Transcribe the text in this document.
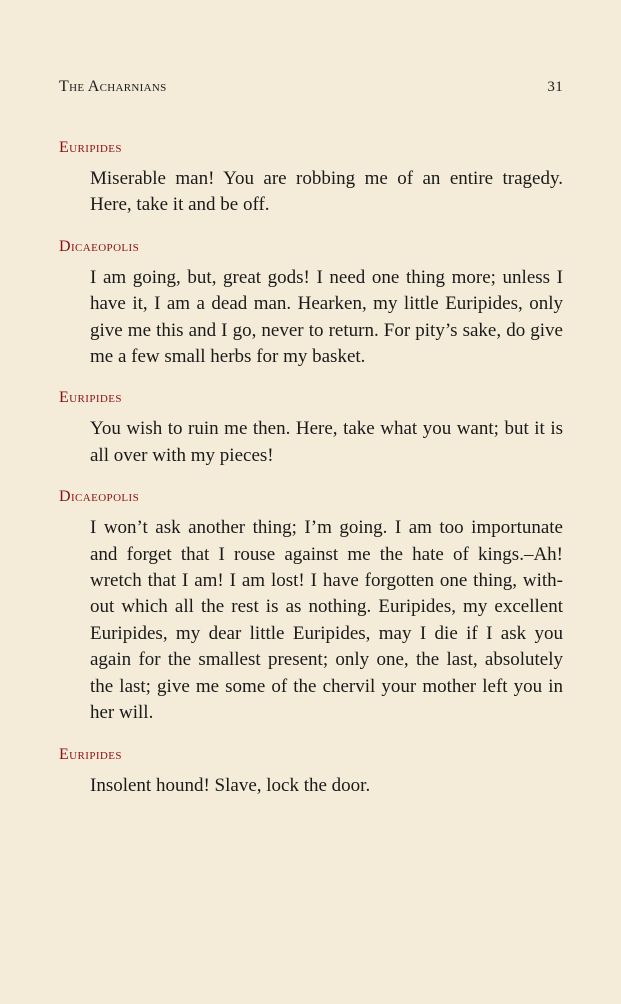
The Acharnians	31
Euripides

Miserable man! You are robbing me of an entire tragedy. Here, take it and be off.

Dicaeopolis

I am going, but, great gods! I need one thing more; unless I have it, I am a dead man. Hearken, my little Euripides, only give me this and I go, never to return. For pity’s sake, do give me a few small herbs for my basket.

Euripides

You wish to ruin me then. Here, take what you want; but it is all over with my pieces!

Dicaeopolis

I won’t ask another thing; I’m going. I am too importunate and forget that I rouse against me the hate of kings.–Ah! wretch that I am! I am lost! I have forgotten one thing, without which all the rest is as nothing. Euripides, my excellent Euripides, my dear little Euripides, may I die if I ask you again for the smallest present; only one, the last, absolutely the last; give me some of the chervil your mother left you in her will.

Euripides

Insolent hound! Slave, lock the door.
